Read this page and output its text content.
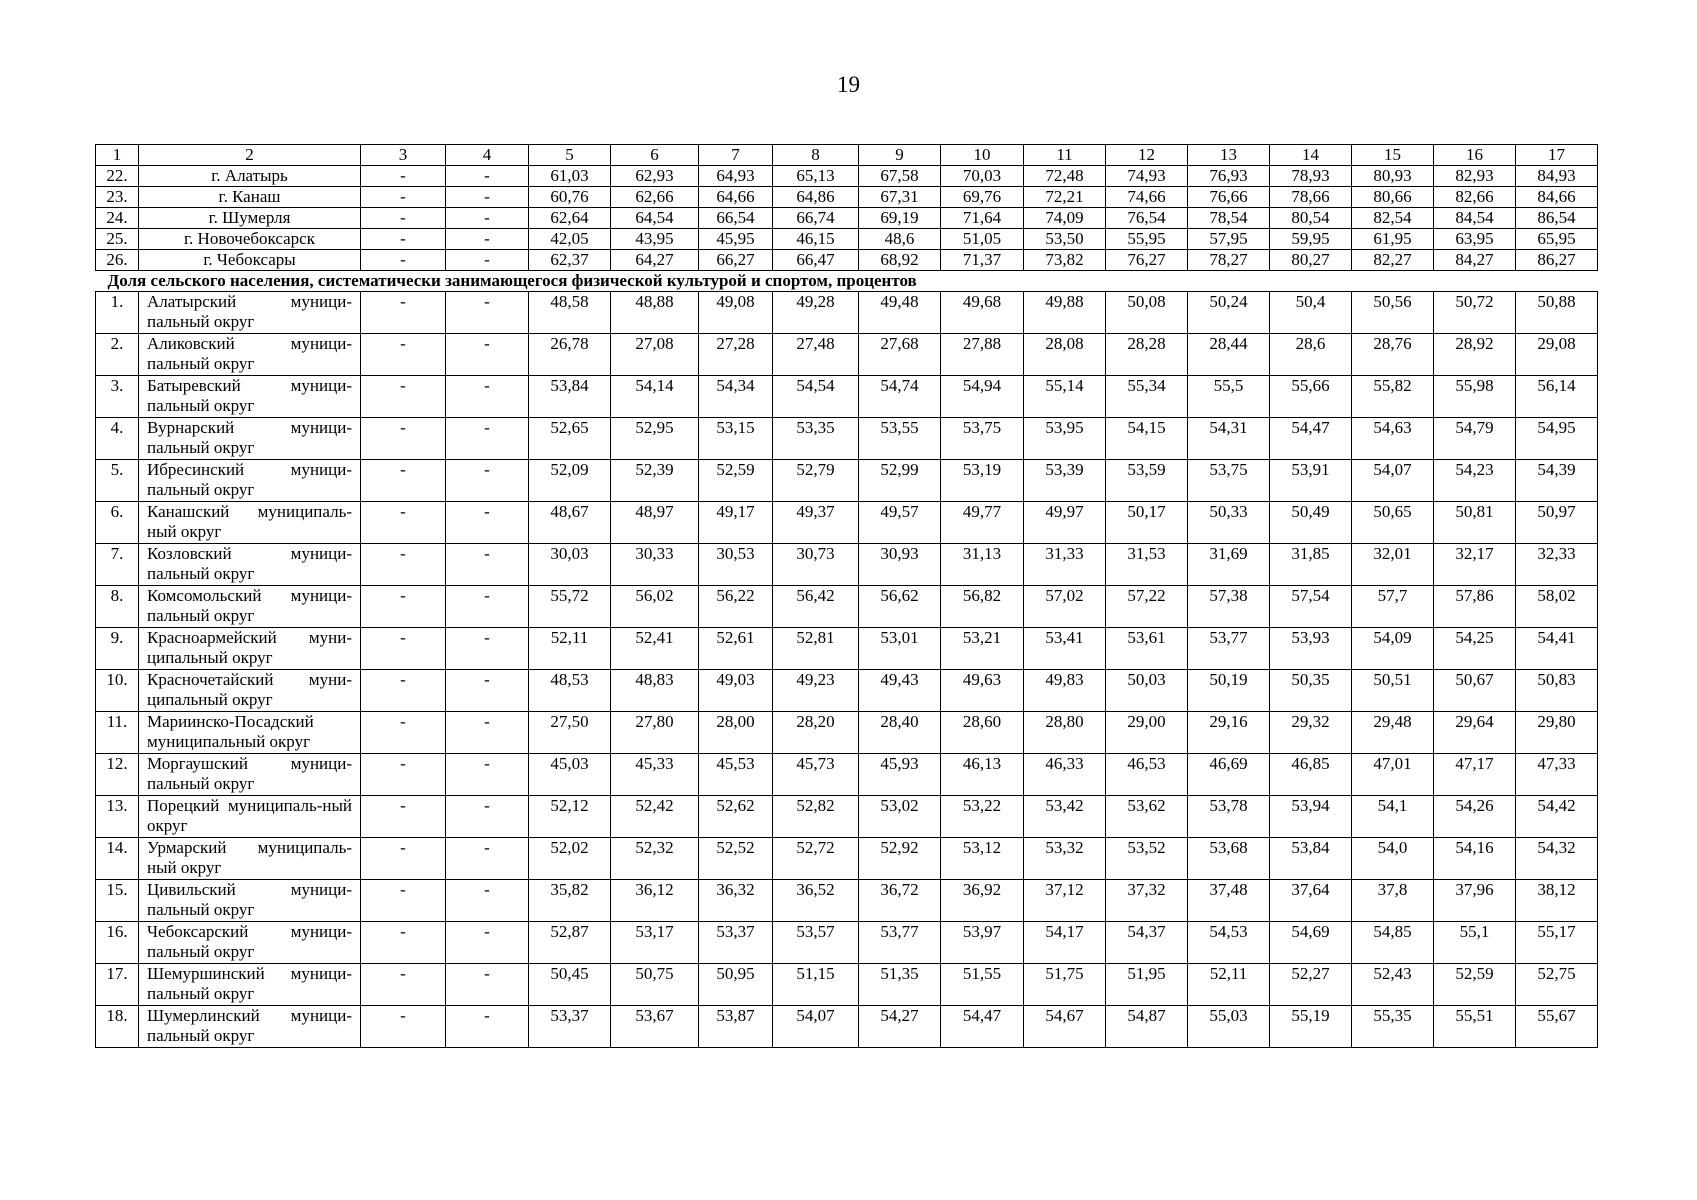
19
1	2	3	4	5	6	7	8	9	10	11	12	13	14	15	16	17
22.	г. Алатырь	-	-	61,03	62,93	64,93	65,13	67,58	70,03	72,48	74,93	76,93	78,93	80,93	82,93	84,93
23.	г. Канаш	-	-	60,76	62,66	64,66	64,86	67,31	69,76	72,21	74,66	76,66	78,66	80,66	82,66	84,66
24.	г. Шумерля	-	-	62,64	64,54	66,54	66,74	69,19	71,64	74,09	76,54	78,54	80,54	82,54	84,54	86,54
25.	г. Новочебоксарск	-	-	42,05	43,95	45,95	46,15	48,6	51,05	53,50	55,95	57,95	59,95	61,95	63,95	65,95
26.	г. Чебоксары	-	-	62,37	64,27	66,27	66,47	68,92	71,37	73,82	76,27	78,27	80,27	82,27	84,27	86,27
Доля сельского населения, систематически занимающегося физической культурой и спортом, процентов																
1.	Алатырский муници-пальный округ	-	-	48,58	48,88	49,08	49,28	49,48	49,68	49,88	50,08	50,24	50,4	50,56	50,72	50,88
2.	Аликовский муници-пальный округ	-	-	26,78	27,08	27,28	27,48	27,68	27,88	28,08	28,28	28,44	28,6	28,76	28,92	29,08
3.	Батыревский муници-пальный округ	-	-	53,84	54,14	54,34	54,54	54,74	54,94	55,14	55,34	55,5	55,66	55,82	55,98	56,14
4.	Вурнарский муници-пальный округ	-	-	52,65	52,95	53,15	53,35	53,55	53,75	53,95	54,15	54,31	54,47	54,63	54,79	54,95
5.	Ибресинский муници-пальный округ	-	-	52,09	52,39	52,59	52,79	52,99	53,19	53,39	53,59	53,75	53,91	54,07	54,23	54,39
6.	Канашский муниципаль-ный округ	-	-	48,67	48,97	49,17	49,37	49,57	49,77	49,97	50,17	50,33	50,49	50,65	50,81	50,97
7.	Козловский муници-пальный округ	-	-	30,03	30,33	30,53	30,73	30,93	31,13	31,33	31,53	31,69	31,85	32,01	32,17	32,33
8.	Комсомольский муници-пальный округ	-	-	55,72	56,02	56,22	56,42	56,62	56,82	57,02	57,22	57,38	57,54	57,7	57,86	58,02
9.	Красноармейский муни-ципальный округ	-	-	52,11	52,41	52,61	52,81	53,01	53,21	53,41	53,61	53,77	53,93	54,09	54,25	54,41
10.	Красночетайский муни-ципальный округ	-	-	48,53	48,83	49,03	49,23	49,43	49,63	49,83	50,03	50,19	50,35	50,51	50,67	50,83
11.	Мариинско-Посадский муниципальный округ	-	-	27,50	27,80	28,00	28,20	28,40	28,60	28,80	29,00	29,16	29,32	29,48	29,64	29,80
12.	Моргаушский муници-пальный округ	-	-	45,03	45,33	45,53	45,73	45,93	46,13	46,33	46,53	46,69	46,85	47,01	47,17	47,33
13.	Порецкий муниципаль-ный округ	-	-	52,12	52,42	52,62	52,82	53,02	53,22	53,42	53,62	53,78	53,94	54,1	54,26	54,42
14.	Урмарский муниципаль-ный округ	-	-	52,02	52,32	52,52	52,72	52,92	53,12	53,32	53,52	53,68	53,84	54,0	54,16	54,32
15.	Цивильский муници-пальный округ	-	-	35,82	36,12	36,32	36,52	36,72	36,92	37,12	37,32	37,48	37,64	37,8	37,96	38,12
16.	Чебоксарский муници-пальный округ	-	-	52,87	53,17	53,37	53,57	53,77	53,97	54,17	54,37	54,53	54,69	54,85	55,1	55,17
17.	Шемуршинский муници-пальный округ	-	-	50,45	50,75	50,95	51,15	51,35	51,55	51,75	51,95	52,11	52,27	52,43	52,59	52,75
18.	Шумерлинский муници-пальный округ	-	-	53,37	53,67	53,87	54,07	54,27	54,47	54,67	54,87	55,03	55,19	55,35	55,51	55,67
